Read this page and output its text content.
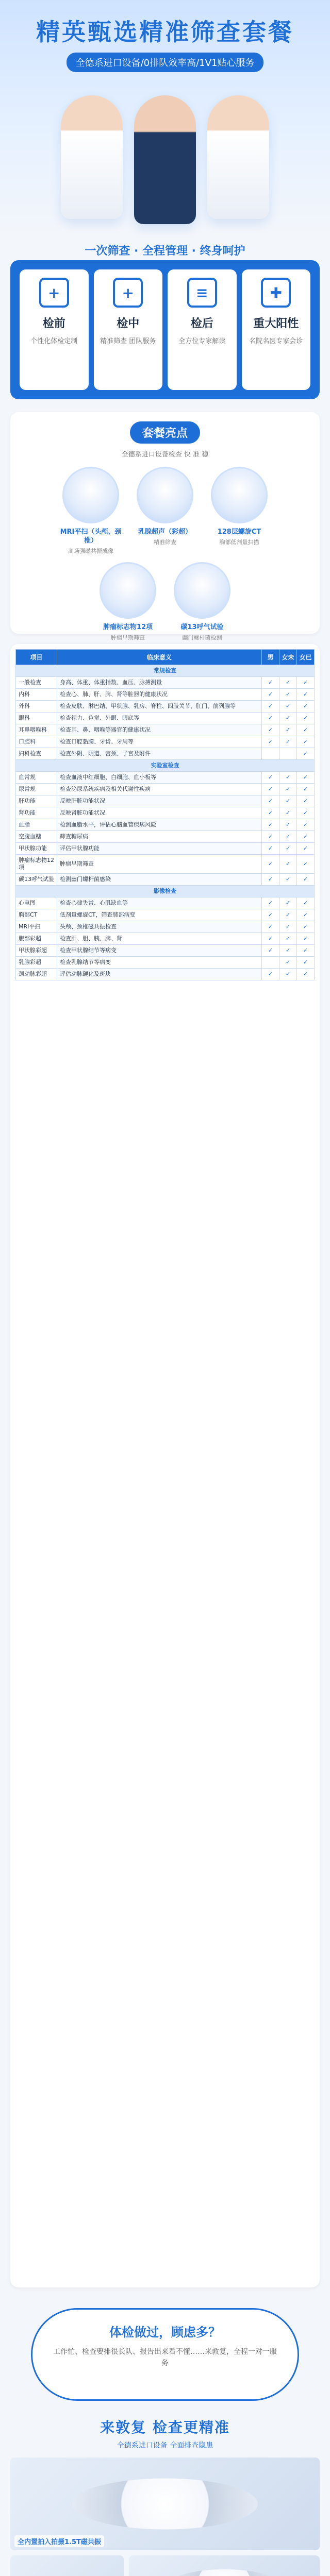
精英甄选精准筛查套餐
全德系进口设备/0排队效率高/1V1贴心服务
一次筛查 · 全程管理 · 终身呵护
+
检前
个性化体检定制
+
检中
精准筛查 团队服务
≡
检后
全方位专家解读
✚
重大阳性
名院名医专家会诊
套餐亮点
全德系进口设备检查 快 准 稳
MRI平扫（头颅、颈椎）
高场强磁共振成像
乳腺超声（彩超）
精准筛查
128层螺旋CT
胸部低剂量扫描
肿瘤标志物12项
肿瘤早期筛查
碳13呼气试验
幽门螺杆菌检测
项目	临床意义	男	女未	女已
常规检查				
一般检查	身高、体重、体重指数、血压、脉搏测量	✓	✓	✓
内科	检查心、肺、肝、脾、肾等脏器的健康状况	✓	✓	✓
外科	检查皮肤、淋巴结、甲状腺、乳房、脊柱、四肢关节、肛门、前列腺等	✓	✓	✓
眼科	检查视力、色觉、外眼、眼底等	✓	✓	✓
耳鼻咽喉科	检查耳、鼻、咽喉等器官的健康状况	✓	✓	✓
口腔科	检查口腔黏膜、牙齿、牙周等	✓	✓	✓
妇科检查	检查外阴、阴道、宫颈、子宫及附件			✓
实验室检查				
血常规	检查血液中红细胞、白细胞、血小板等	✓	✓	✓
尿常规	检查泌尿系统疾病及相关代谢性疾病	✓	✓	✓
肝功能	反映肝脏功能状况	✓	✓	✓
肾功能	反映肾脏功能状况	✓	✓	✓
血脂	检测血脂水平，评估心脑血管疾病风险	✓	✓	✓
空腹血糖	筛查糖尿病	✓	✓	✓
甲状腺功能	评估甲状腺功能	✓	✓	✓
肿瘤标志物12项	肿瘤早期筛查	✓	✓	✓
碳13呼气试验	检测幽门螺杆菌感染	✓	✓	✓
影像检查				
心电图	检查心律失常、心肌缺血等	✓	✓	✓
胸部CT	低剂量螺旋CT，筛查肺部病变	✓	✓	✓
MRI平扫	头颅、颈椎磁共振检查	✓	✓	✓
腹部彩超	检查肝、胆、胰、脾、肾	✓	✓	✓
甲状腺彩超	检查甲状腺结节等病变	✓	✓	✓
乳腺彩超	检查乳腺结节等病变		✓	✓
颈动脉彩超	评估动脉硬化及斑块	✓	✓	✓
体检做过，顾虑多？
工作忙、检查要排很长队、报告出来看不懂……来敦复，全程一对一服务
来敦复 检查更精准
全德系进口设备 全面排查隐患
全内置拍入拍摄1.5T磁共振
